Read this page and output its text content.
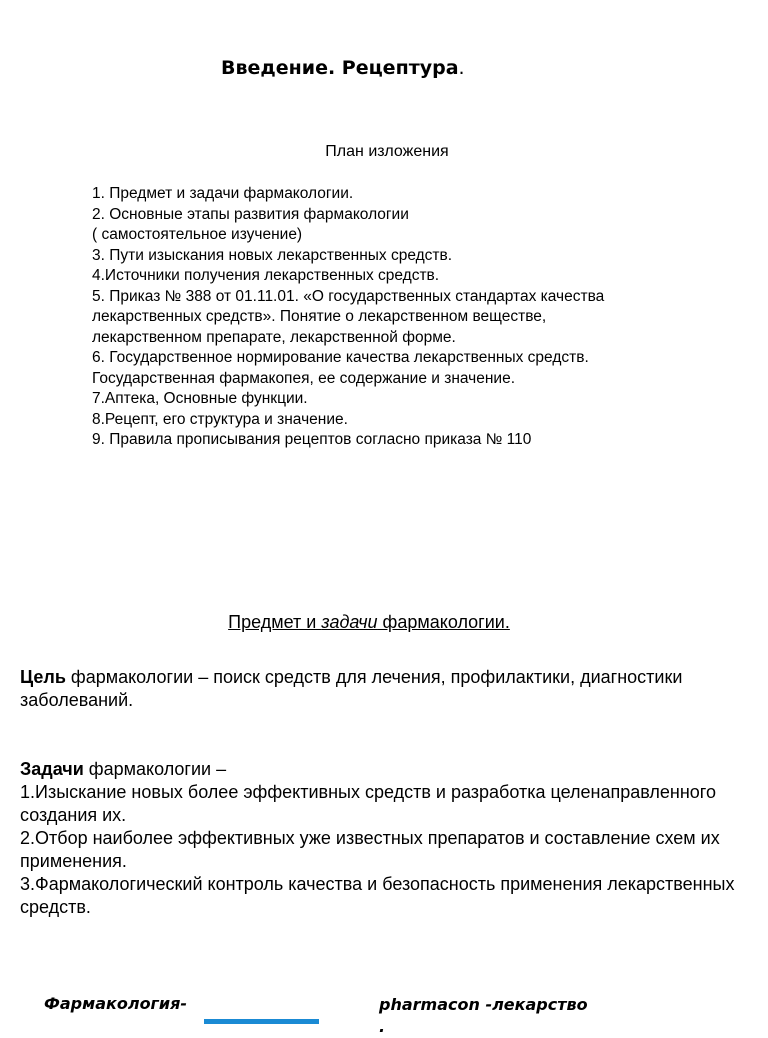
Введение. Рецептура.
План изложения
1. Предмет и задачи фармакологии.
2. Основные этапы развития фармакологии
( самостоятельное изучение)
3. Пути изыскания новых лекарственных средств.
4.Источники получения лекарственных средств.
5. Приказ № 388 от 01.11.01. «О государственных стандартах качества
лекарственных средств». Понятие о лекарственном веществе,
лекарственном препарате, лекарственной форме.
6. Государственное нормирование качества лекарственных средств.
Государственная фармакопея, ее содержание и значение.
7.Аптека, Основные функции.
8.Рецепт, его структура и значение.
9. Правила прописывания рецептов согласно приказа № 110
Предмет и задачи фармакологии.

Цель фармакологии – поиск средств для лечения, профилактики, диагностики заболеваний.

Задачи фармакологии –
1.Изыскание новых более эффективных средств и разработка целенаправленного создания их.
2.Отбор наиболее эффективных уже известных препаратов и составление схем их применения.
3.Фармакологический контроль качества и безопасность применения лекарственных средств.
Фармакология-	pharmacon -лекарство
.
